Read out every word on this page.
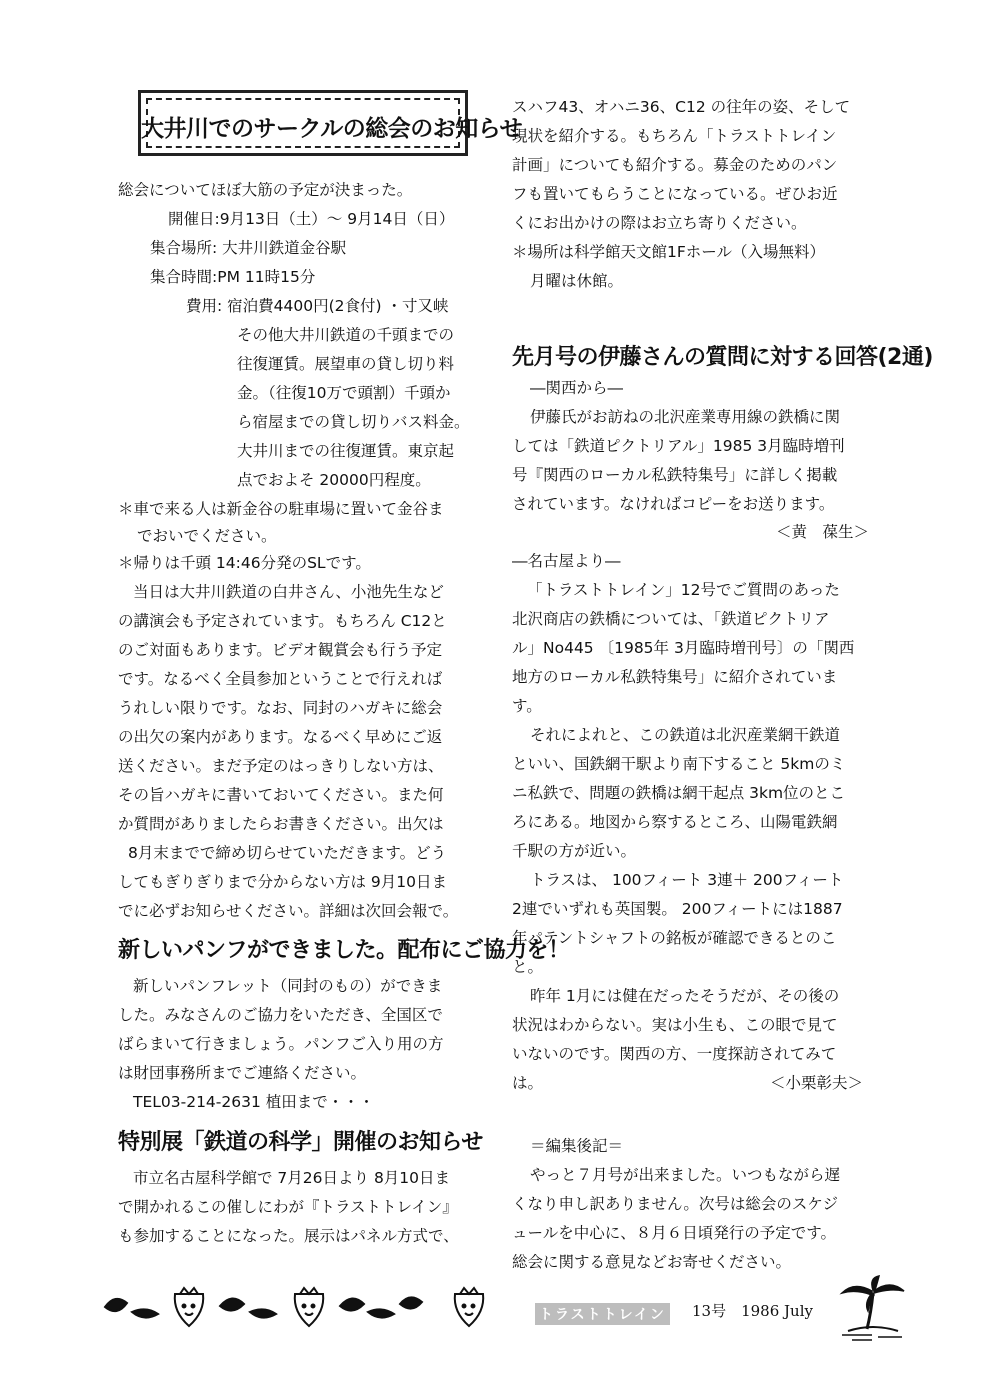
大井川でのサークルの総会のお知らせ
総会についてほぼ大筋の予定が決まった。
開催日:9月13日（土）～ 9月14日（日）
集合場所: 大井川鉄道金谷駅
集合時間:PM 11時15分
費用: 宿泊費4400円(2食付) ・寸又峡
その他大井川鉄道の千頭までの
往復運賃。展望車の貸し切り料
金。（往復10万で頭割）千頭か
ら宿屋までの貸し切りバス料金。
大井川までの往復運賃。東京起
点でおよそ 20000円程度。
＊車で来る人は新金谷の駐車場に置いて金谷ま
でおいでください。
＊帰りは千頭 14:46分発のSLです。
当日は大井川鉄道の白井さん、小池先生など
の講演会も予定されています。もちろん C12と
のご対面もあります。ビデオ観賞会も行う予定
です。なるべく全員参加ということで行えれば
うれしい限りです。なお、同封のハガキに総会
の出欠の案内があります。なるべく早めにご返
送ください。まだ予定のはっきりしない方は、
その旨ハガキに書いておいてください。また何
か質問がありましたらお書きください。出欠は
8月末までで締め切らせていただきます。どう
してもぎりぎりまで分からない方は 9月10日ま
でに必ずお知らせください。詳細は次回会報で。
新しいパンフができました。配布にご協力を！
新しいパンフレット（同封のもの）ができま
した。みなさんのご協力をいただき、全国区で
ばらまいて行きましょう。パンフご入り用の方
は財団事務所までご連絡ください。
TEL03-214-2631 植田まで・・・
特別展「鉄道の科学」開催のお知らせ
市立名古屋科学館で 7月26日より 8月10日ま
で開かれるこの催しにわが『トラストトレイン』
も参加することになった。展示はパネル方式で、
スハフ43、オハニ36、C12 の往年の姿、そして
現状を紹介する。もちろん「トラストトレイン
計画」についても紹介する。募金のためのパン
フも置いてもらうことになっている。ぜひお近
くにお出かけの際はお立ち寄りください。
＊場所は科学館天文館1Fホール（入場無料）
月曜は休館。
先月号の伊藤さんの質問に対する回答(2通)
―関西から―
伊藤氏がお訪ねの北沢産業専用線の鉄橋に関
しては「鉄道ピクトリアル」1985 3月臨時増刊
号『関西のローカル私鉄特集号」に詳しく掲載
されています。なければコピーをお送ります。
＜黄　葆生＞
―名古屋より―
「トラストトレイン」12号でご質問のあった
北沢商店の鉄橋については、「鉄道ピクトリア
ル」No445 〔1985年 3月臨時増刊号〕の「関西
地方のローカル私鉄特集号」に紹介されていま
す。
それによれと、この鉄道は北沢産業網干鉄道
といい、国鉄網干駅より南下すること 5kmのミ
ニ私鉄で、問題の鉄橋は網干起点 3km位のとこ
ろにある。地図から察するところ、山陽電鉄網
千駅の方が近い。
トラスは、 100フィート 3連＋ 200フィート
2連でいずれも英国製。 200フィートには1887
年パテントシャフトの銘板が確認できるとのこ
と。
昨年 1月には健在だったそうだが、その後の
状況はわからない。実は小生も、この眼で見て
いないのです。関西の方、一度探訪されてみて
は。	＜小栗彰夫＞
＝編集後記＝
やっと７月号が出来ました。いつもながら遅
くなり申し訳ありません。次号は総会のスケジ
ュールを中心に、８月６日頃発行の予定です。
総会に関する意見などお寄せください。
トラストトレイン 13号　1986 July
